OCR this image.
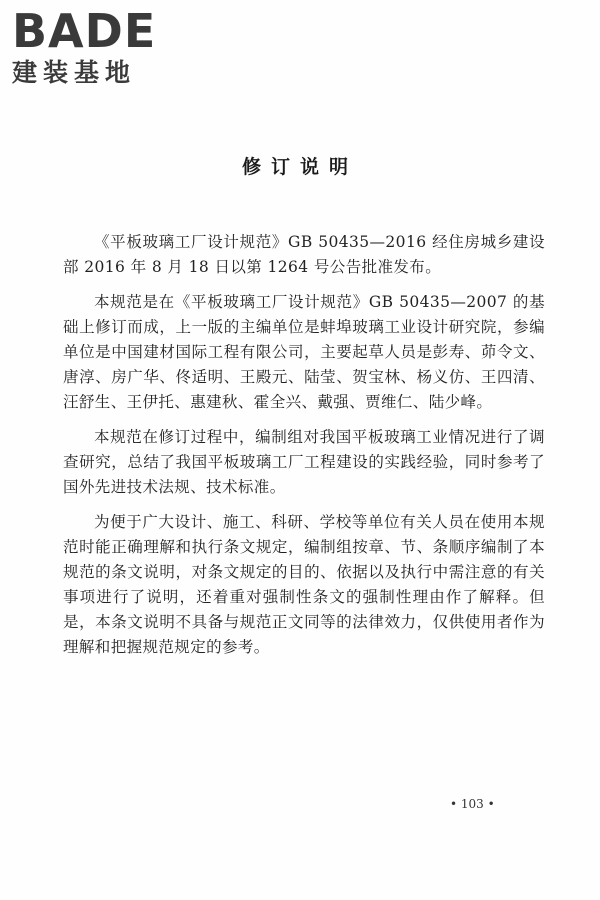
BADE
建装基地
修订说明

《平板玻璃工厂设计规范》GB 50435—2016 经住房城乡建设部 2016 年 8 月 18 日以第 1264 号公告批准发布。

本规范是在《平板玻璃工厂设计规范》GB 50435—2007 的基础上修订而成，上一版的主编单位是蚌埠玻璃工业设计研究院，参编单位是中国建材国际工程有限公司，主要起草人员是彭寿、茆令文、唐淳、房广华、佟适明、王殿元、陆莹、贺宝林、杨义仿、王四清、汪舒生、王伊托、惠建秋、霍全兴、戴强、贾维仁、陆少峰。

本规范在修订过程中，编制组对我国平板玻璃工业情况进行了调查研究，总结了我国平板玻璃工厂工程建设的实践经验，同时参考了国外先进技术法规、技术标准。

为便于广大设计、施工、科研、学校等单位有关人员在使用本规范时能正确理解和执行条文规定，编制组按章、节、条顺序编制了本规范的条文说明，对条文规定的目的、依据以及执行中需注意的有关事项进行了说明，还着重对强制性条文的强制性理由作了解释。但是，本条文说明不具备与规范正文同等的法律效力，仅供使用者作为理解和把握规范规定的参考。

• 103 •
